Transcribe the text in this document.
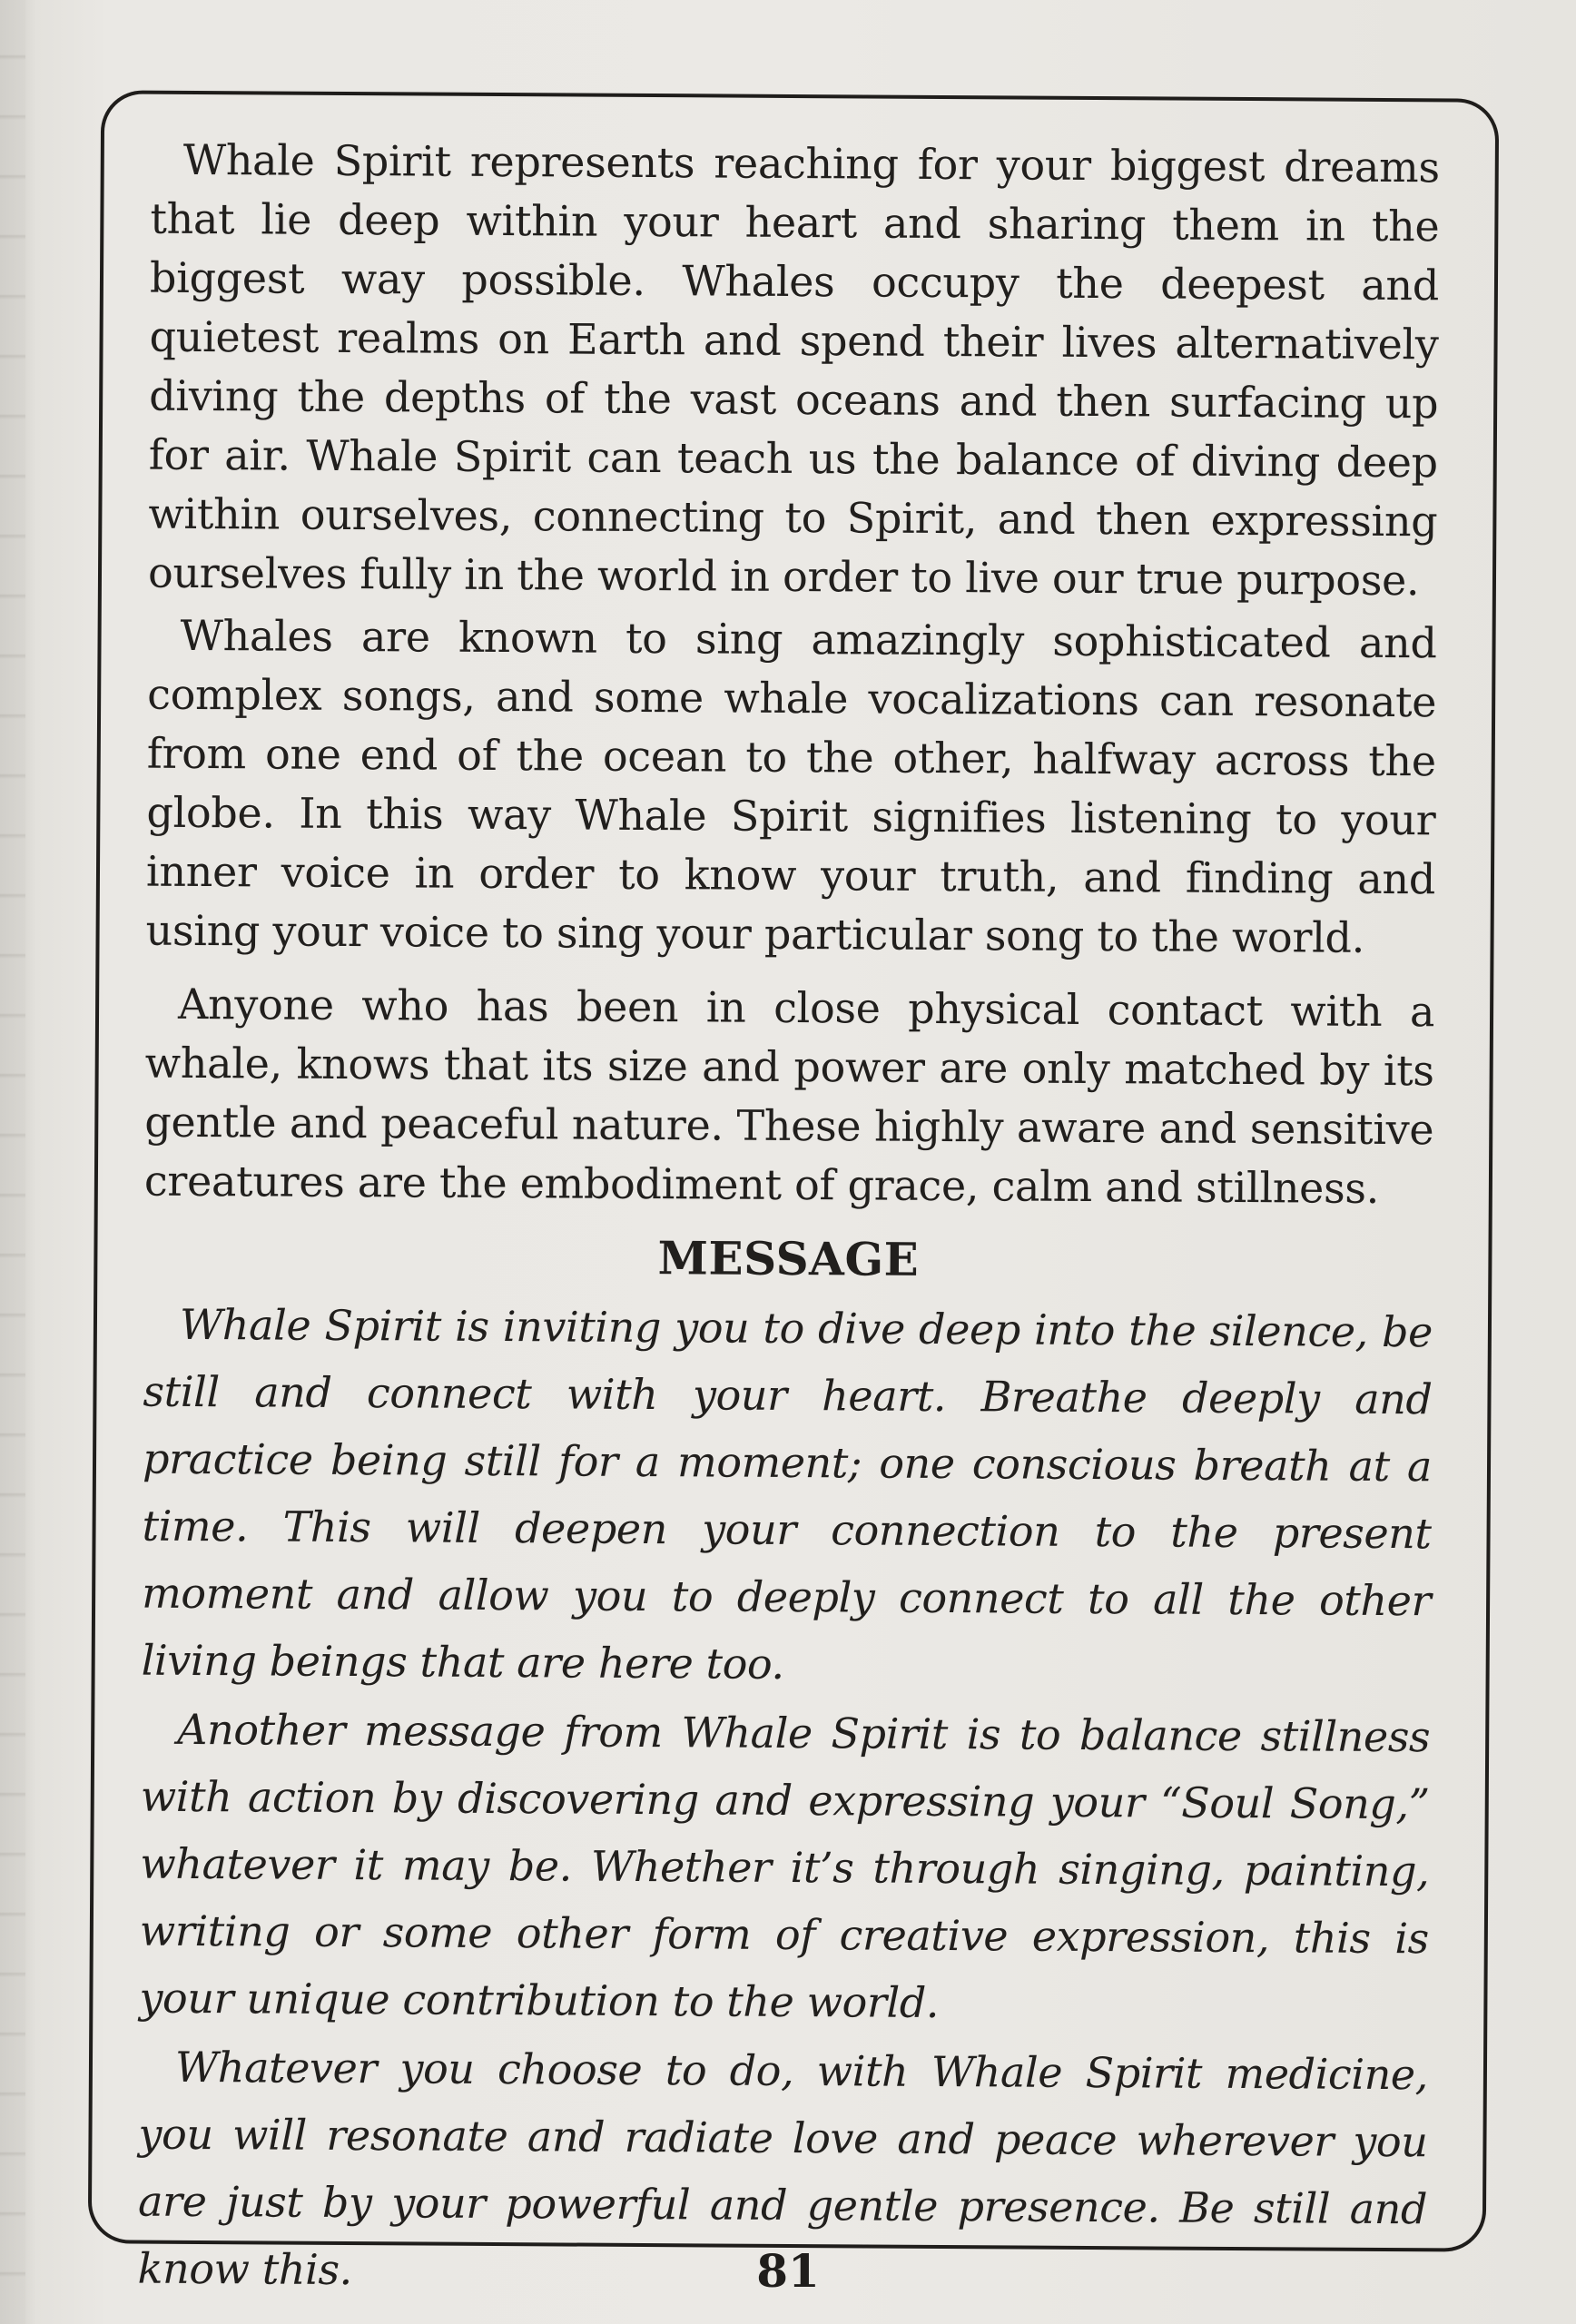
Whale Spirit represents reaching for your biggest dreams that lie deep within your heart and sharing them in the biggest way possible. Whales occupy the deepest and quietest realms on Earth and spend their lives alternatively diving the depths of the vast oceans and then surfacing up for air. Whale Spirit can teach us the balance of diving deep within ourselves, connecting to Spirit, and then expressing ourselves fully in the world in order to live our true purpose.

Whales are known to sing amazingly sophisticated and complex songs, and some whale vocalizations can resonate from one end of the ocean to the other, halfway across the globe. In this way Whale Spirit signifies listening to your inner voice in order to know your truth, and finding and using your voice to sing your particular song to the world.

Anyone who has been in close physical contact with a whale, knows that its size and power are only matched by its gentle and peaceful nature. These highly aware and sensitive creatures are the embodiment of grace, calm and stillness.

MESSAGE

Whale Spirit is inviting you to dive deep into the silence, be still and connect with your heart. Breathe deeply and practice being still for a moment; one conscious breath at a time. This will deepen your connection to the present moment and allow you to deeply connect to all the other living beings that are here too.

Another message from Whale Spirit is to balance stillness with action by discovering and expressing your “Soul Song,” whatever it may be. Whether it’s through singing, painting, writing or some other form of creative expression, this is your unique contribution to the world.

Whatever you choose to do, with Whale Spirit medicine, you will resonate and radiate love and peace wherever you are just by your powerful and gentle presence. Be still and know this.	81
